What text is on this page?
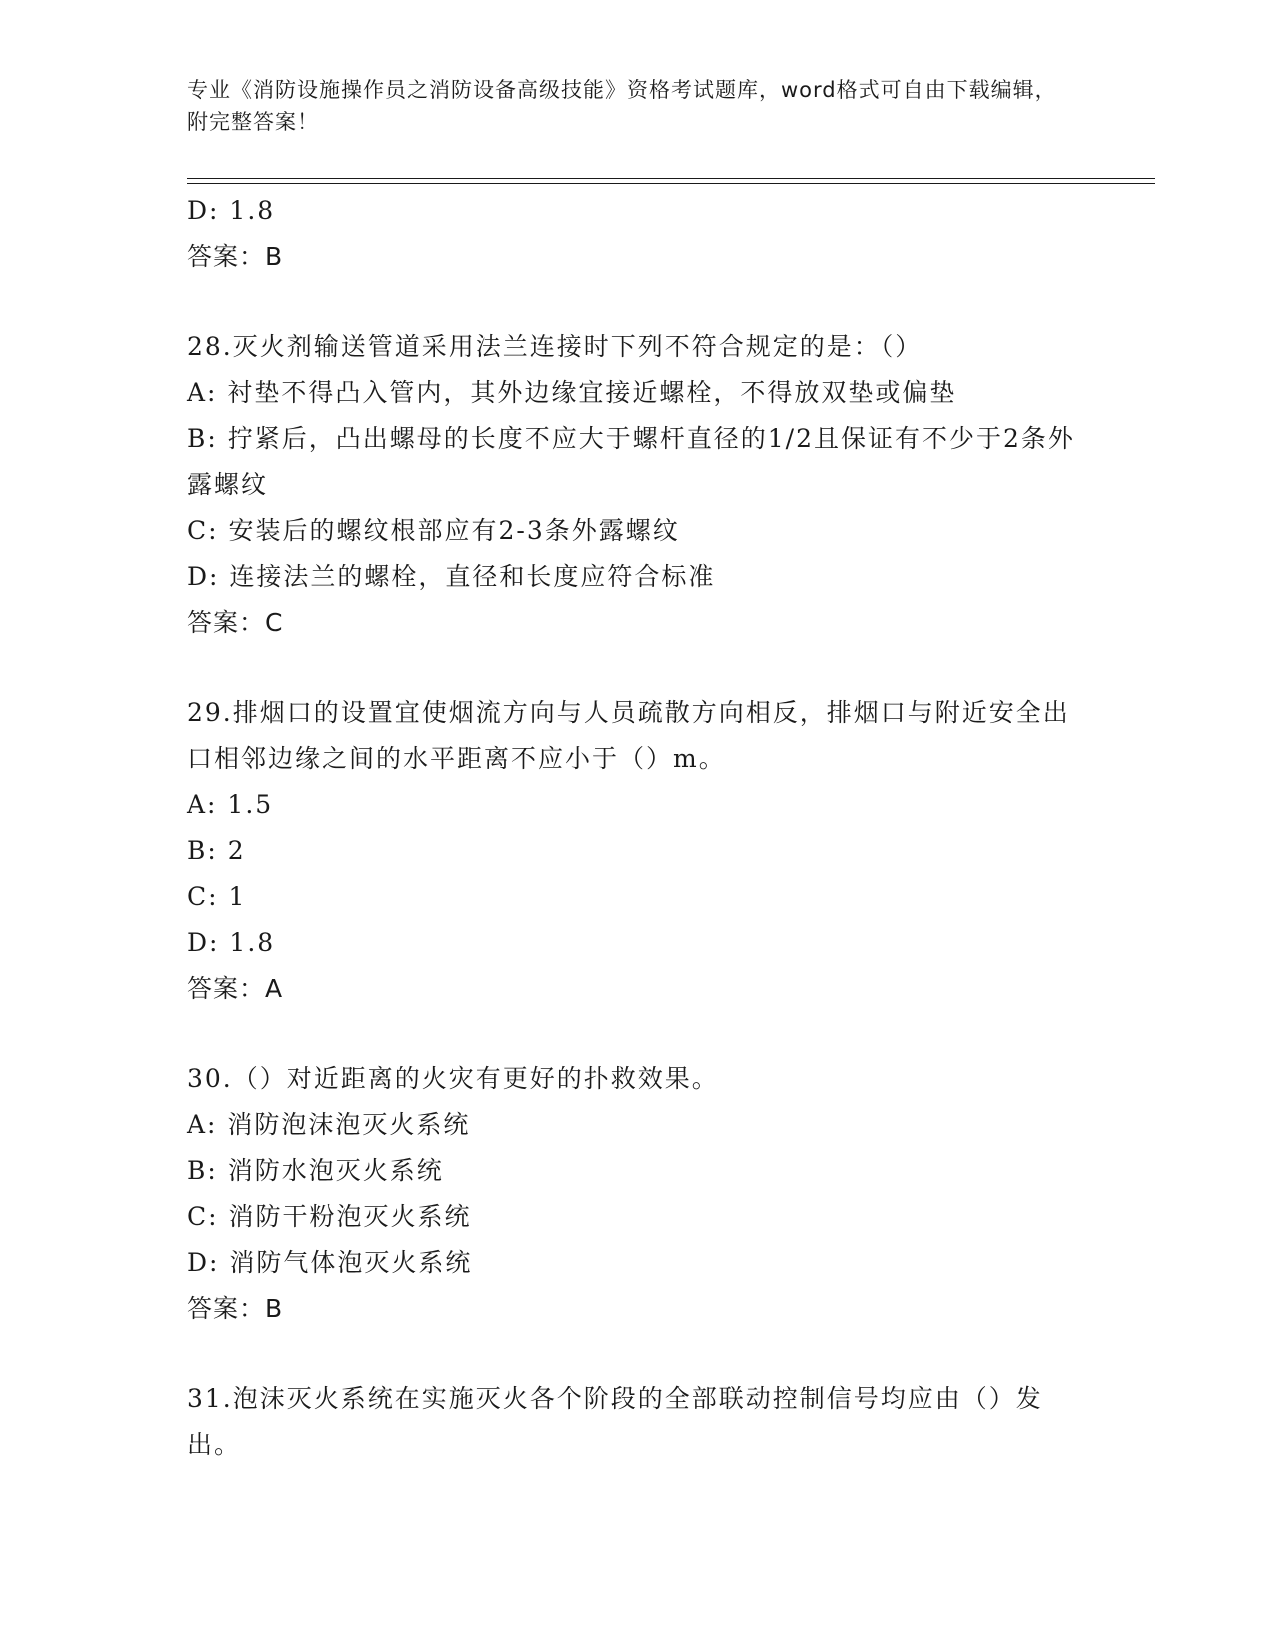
专业《消防设施操作员之消防设备高级技能》资格考试题库，word格式可自由下载编辑，附完整答案！
D: 1.8
答案：B
28.灭火剂输送管道采用法兰连接时下列不符合规定的是：（）
A: 衬垫不得凸入管内，其外边缘宜接近螺栓，不得放双垫或偏垫
B: 拧紧后，凸出螺母的长度不应大于螺杆直径的1/2且保证有不少于2条外露螺纹
C: 安装后的螺纹根部应有2-3条外露螺纹
D: 连接法兰的螺栓，直径和长度应符合标准
答案：C
29.排烟口的设置宜使烟流方向与人员疏散方向相反，排烟口与附近安全出口相邻边缘之间的水平距离不应小于（）m。
A: 1.5
B: 2
C: 1
D: 1.8
答案：A
30.（）对近距离的火灾有更好的扑救效果。
A: 消防泡沫泡灭火系统
B: 消防水泡灭火系统
C: 消防干粉泡灭火系统
D: 消防气体泡灭火系统
答案：B
31.泡沫灭火系统在实施灭火各个阶段的全部联动控制信号均应由（）发出。
